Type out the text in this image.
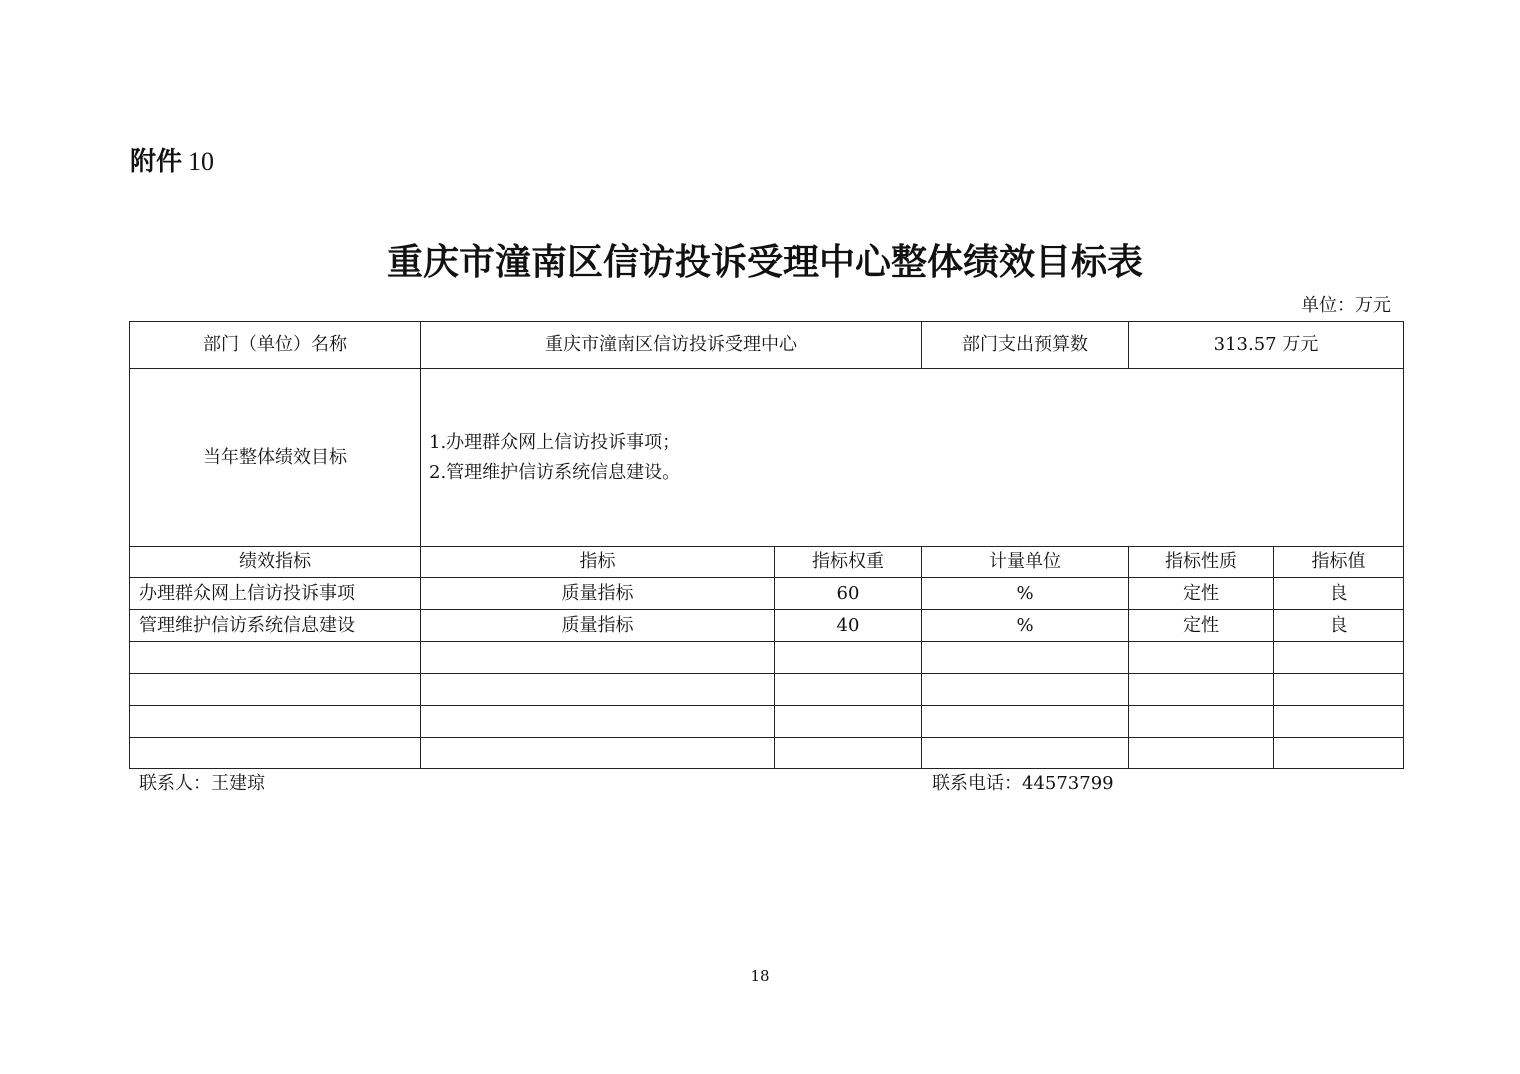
附件 10
重庆市潼南区信访投诉受理中心整体绩效目标表
单位：万元
部门（单位）名称	重庆市潼南区信访投诉受理中心		部门支出预算数	313.57 万元	
当年整体绩效目标	1.办理群众网上信访投诉事项；
2.管理维护信访系统信息建设。				

绩效指标	指标	指标权重	计量单位	指标性质	指标值
办理群众网上信访投诉事项	质量指标	60	%	定性	良
管理维护信访系统信息建设	质量指标	40	%	定性	良

联系人：王建琼	联系电话：44573799
18
